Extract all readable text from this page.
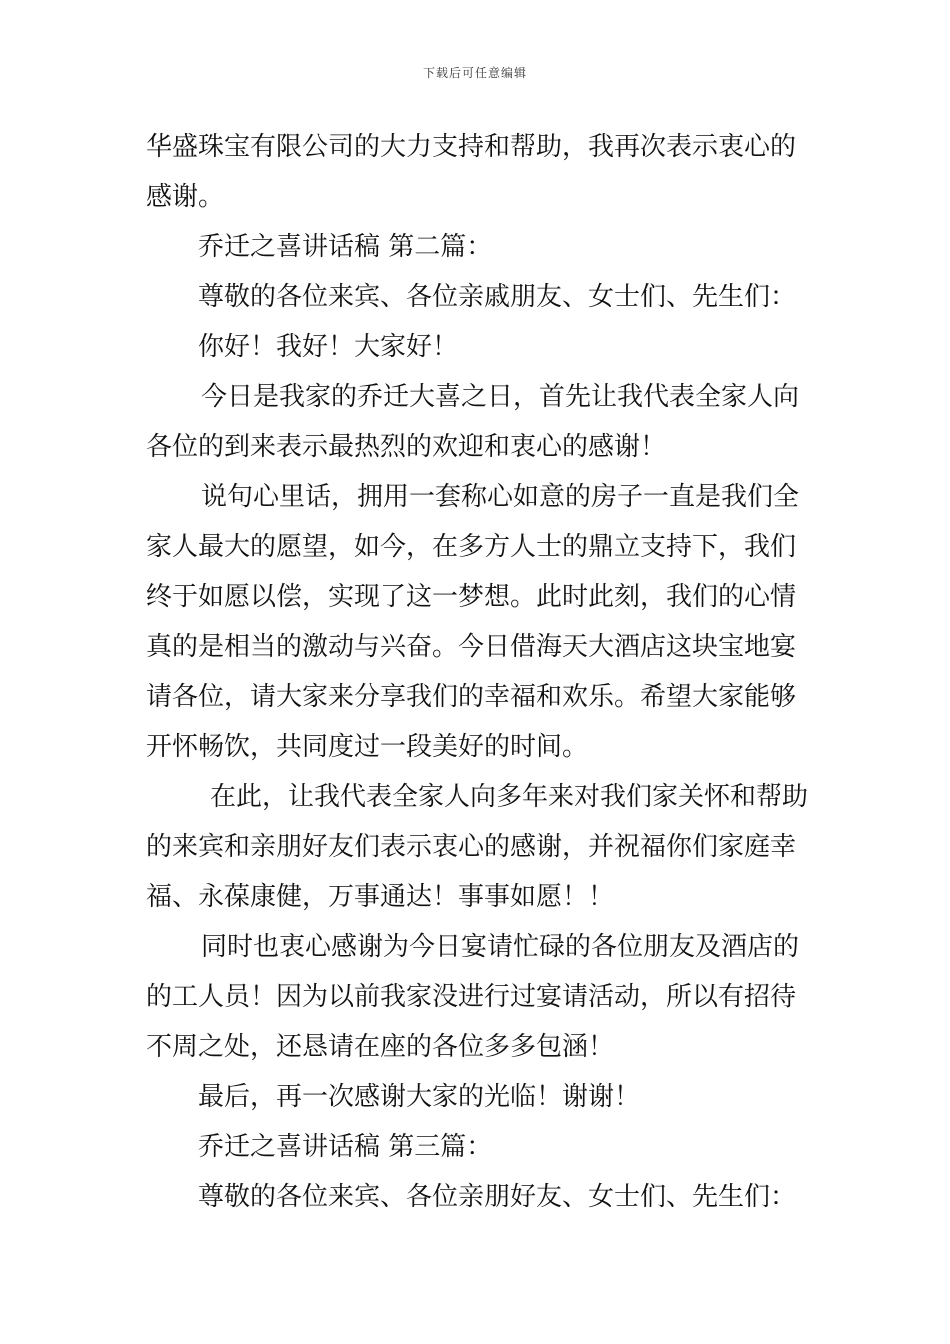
下载后可任意编辑

华盛珠宝有限公司的大力支持和帮助，我再次表示衷心的感谢。

乔迁之喜讲话稿 第二篇：

尊敬的各位来宾、各位亲戚朋友、女士们、先生们：

你好！我好！大家好！

今日是我家的乔迁大喜之日，首先让我代表全家人向各位的到来表示最热烈的欢迎和衷心的感谢！

说句心里话，拥用一套称心如意的房子一直是我们全家人最大的愿望，如今，在多方人士的鼎立支持下，我们终于如愿以偿，实现了这一梦想。此时此刻，我们的心情真的是相当的激动与兴奋。今日借海天大酒店这块宝地宴请各位，请大家来分享我们的幸福和欢乐。希望大家能够开怀畅饮，共同度过一段美好的时间。

在此，让我代表全家人向多年来对我们家关怀和帮助的来宾和亲朋好友们表示衷心的感谢，并祝福你们家庭幸福、永葆康健，万事通达！事事如愿！！

同时也衷心感谢为今日宴请忙碌的各位朋友及酒店的的工人员！因为以前我家没进行过宴请活动，所以有招待不周之处，还恳请在座的各位多多包涵！

最后，再一次感谢大家的光临！谢谢！

乔迁之喜讲话稿 第三篇：

尊敬的各位来宾、各位亲朋好友、女士们、先生们：
